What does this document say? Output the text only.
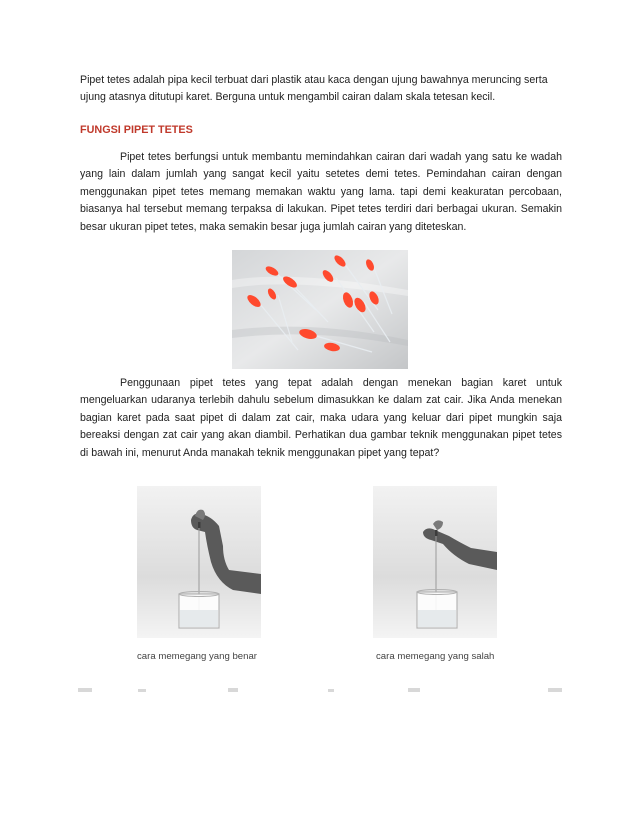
Pipet tetes adalah pipa kecil terbuat dari plastik atau kaca dengan ujung bawahnya meruncing serta ujung atasnya ditutupi karet. Berguna untuk mengambil cairan dalam skala tetesan kecil.

FUNGSI PIPET TETES

Pipet tetes berfungsi untuk membantu memindahkan cairan dari wadah yang satu ke wadah yang lain dalam jumlah yang sangat kecil yaitu setetes demi tetes. Pemindahan cairan dengan menggunakan pipet tetes memang memakan waktu yang lama. tapi demi keakuratan percobaan, biasanya hal tersebut memang terpaksa di lakukan. Pipet tetes terdiri dari berbagai ukuran. Semakin besar ukuran pipet tetes, maka semakin besar juga jumlah cairan yang diteteskan.

Penggunaan pipet tetes yang tepat adalah dengan menekan bagian karet untuk mengeluarkan udaranya terlebih dahulu sebelum dimasukkan ke dalam zat cair. Jika Anda menekan bagian karet pada saat pipet di dalam zat cair, maka udara yang keluar dari pipet mungkin saja bereaksi dengan zat cair yang akan diambil. Perhatikan dua gambar teknik menggunakan pipet tetes di bawah ini, menurut Anda manakah teknik menggunakan pipet yang tepat?

cara memegang yang benar	cara memegang yang salah
